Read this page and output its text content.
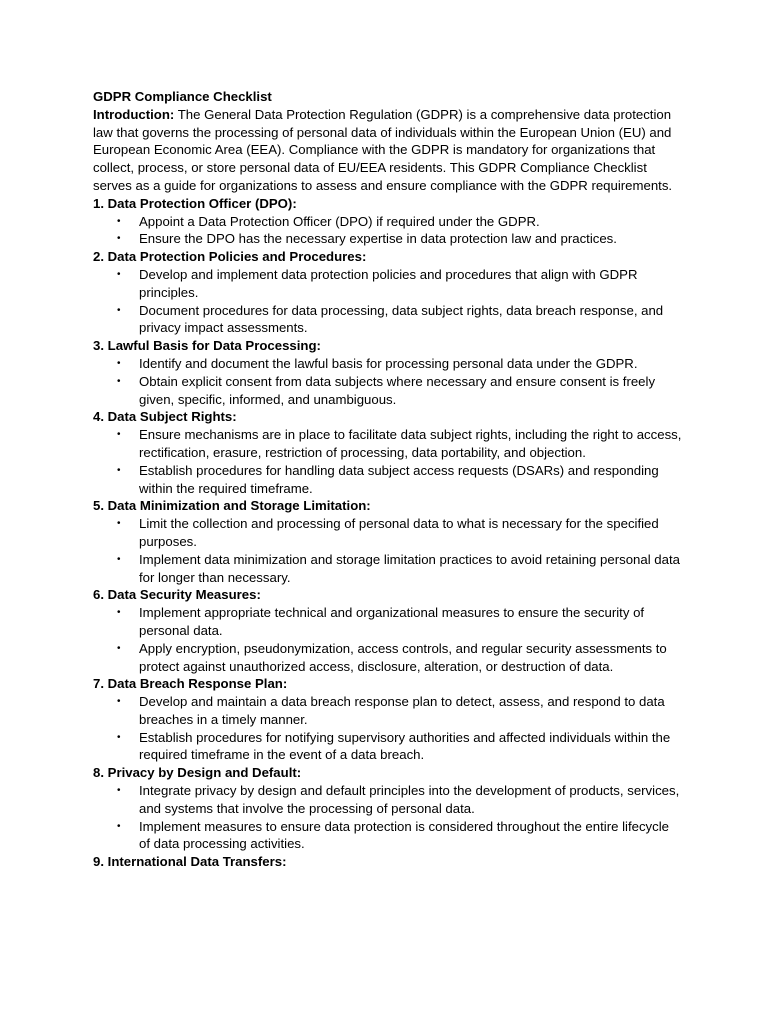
GDPR Compliance Checklist

Introduction: The General Data Protection Regulation (GDPR) is a comprehensive data protection law that governs the processing of personal data of individuals within the European Union (EU) and European Economic Area (EEA). Compliance with the GDPR is mandatory for organizations that collect, process, or store personal data of EU/EEA residents. This GDPR Compliance Checklist serves as a guide for organizations to assess and ensure compliance with the GDPR requirements.

1. Data Protection Officer (DPO):

• Appoint a Data Protection Officer (DPO) if required under the GDPR.
• Ensure the DPO has the necessary expertise in data protection law and practices.

2. Data Protection Policies and Procedures:

• Develop and implement data protection policies and procedures that align with GDPR principles.
• Document procedures for data processing, data subject rights, data breach response, and privacy impact assessments.

3. Lawful Basis for Data Processing:

• Identify and document the lawful basis for processing personal data under the GDPR.
• Obtain explicit consent from data subjects where necessary and ensure consent is freely given, specific, informed, and unambiguous.

4. Data Subject Rights:

• Ensure mechanisms are in place to facilitate data subject rights, including the right to access, rectification, erasure, restriction of processing, data portability, and objection.
• Establish procedures for handling data subject access requests (DSARs) and responding within the required timeframe.

5. Data Minimization and Storage Limitation:

• Limit the collection and processing of personal data to what is necessary for the specified purposes.
• Implement data minimization and storage limitation practices to avoid retaining personal data for longer than necessary.

6. Data Security Measures:

• Implement appropriate technical and organizational measures to ensure the security of personal data.
• Apply encryption, pseudonymization, access controls, and regular security assessments to protect against unauthorized access, disclosure, alteration, or destruction of data.

7. Data Breach Response Plan:

• Develop and maintain a data breach response plan to detect, assess, and respond to data breaches in a timely manner.
• Establish procedures for notifying supervisory authorities and affected individuals within the required timeframe in the event of a data breach.

8. Privacy by Design and Default:

• Integrate privacy by design and default principles into the development of products, services, and systems that involve the processing of personal data.
• Implement measures to ensure data protection is considered throughout the entire lifecycle of data processing activities.

9. International Data Transfers:
